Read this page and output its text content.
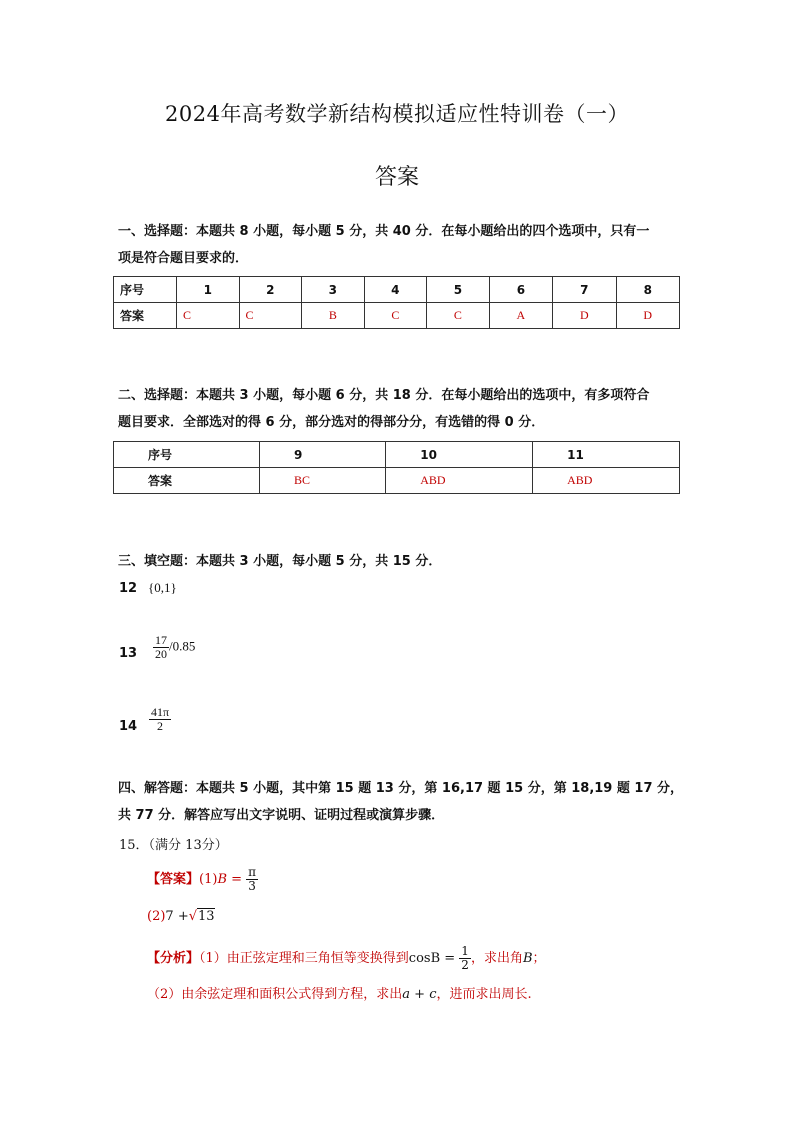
2024年高考数学新结构模拟适应性特训卷（一）
答案
一、选择题：本题共 8 小题，每小题 5 分，共 40 分．在每小题给出的四个选项中，只有一
项是符合题目要求的．
序号	1	2	3	4	5	6	7	8
答案	C	C	B	C	C	A	D	D
二、选择题：本题共 3 小题，每小题 6 分，共 18 分．在每小题给出的选项中，有多项符合
题目要求．全部选对的得 6 分，部分选对的得部分分，有选错的得 0 分．
序号	9	10	11
答案	BC	ABD	ABD
三、填空题：本题共 3 小题，每小题 5 分，共 15 分．
12 {0,1}
$13 \frac{17}{20} /0.85$
$14 \frac{41\pi}{2}$
四、解答题：本题共 5 小题，其中第 15 题 13 分，第 16,17 题 15 分，第 18,19 题 17 分，
共 77 分．解答应写出文字说明、证明过程或演算步骤．
15．（满分 13分）
【答案】$(1)B = \frac{\pi}{3}$
(2)7 +√13
【分析】（1）由正弦定理和三角恒等变换得到$\cos B = \frac{1}{2}$ ，求出角B；
（2）由余弦定理和面积公式得到方程，求出a + c，进而求出周长.
